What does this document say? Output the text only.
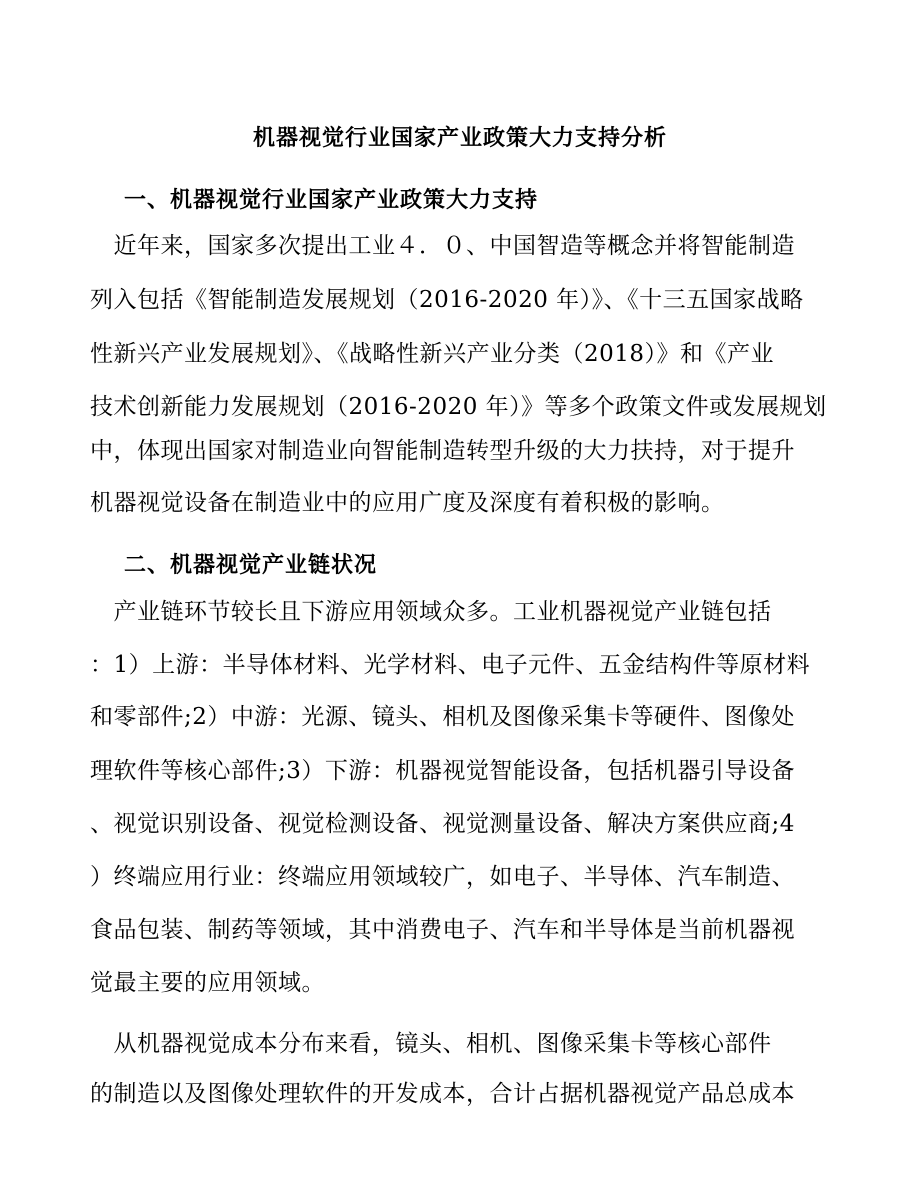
机器视觉行业国家产业政策大力支持分析
一、机器视觉行业国家产业政策大力支持
　近年来，国家多次提出工业４．０、中国智造等概念并将智能制造
列入包括《智能制造发展规划（2016-2020 年）》、《十三五国家战略
性新兴产业发展规划》、《战略性新兴产业分类（2018）》和《产业
技术创新能力发展规划（2016-2020 年）》等多个政策文件或发展规划
中，体现出国家对制造业向智能制造转型升级的大力扶持，对于提升
机器视觉设备在制造业中的应用广度及深度有着积极的影响。
二、机器视觉产业链状况
　产业链环节较长且下游应用领域众多。工业机器视觉产业链包括
：1）上游：半导体材料、光学材料、电子元件、五金结构件等原材料
和零部件;2）中游：光源、镜头、相机及图像采集卡等硬件、图像处
理软件等核心部件;3）下游：机器视觉智能设备，包括机器引导设备
、视觉识别设备、视觉检测设备、视觉测量设备、解决方案供应商;4
）终端应用行业：终端应用领域较广，如电子、半导体、汽车制造、
食品包装、制药等领域，其中消费电子、汽车和半导体是当前机器视
觉最主要的应用领域。
　从机器视觉成本分布来看，镜头、相机、图像采集卡等核心部件
的制造以及图像处理软件的开发成本，合计占据机器视觉产品总成本
